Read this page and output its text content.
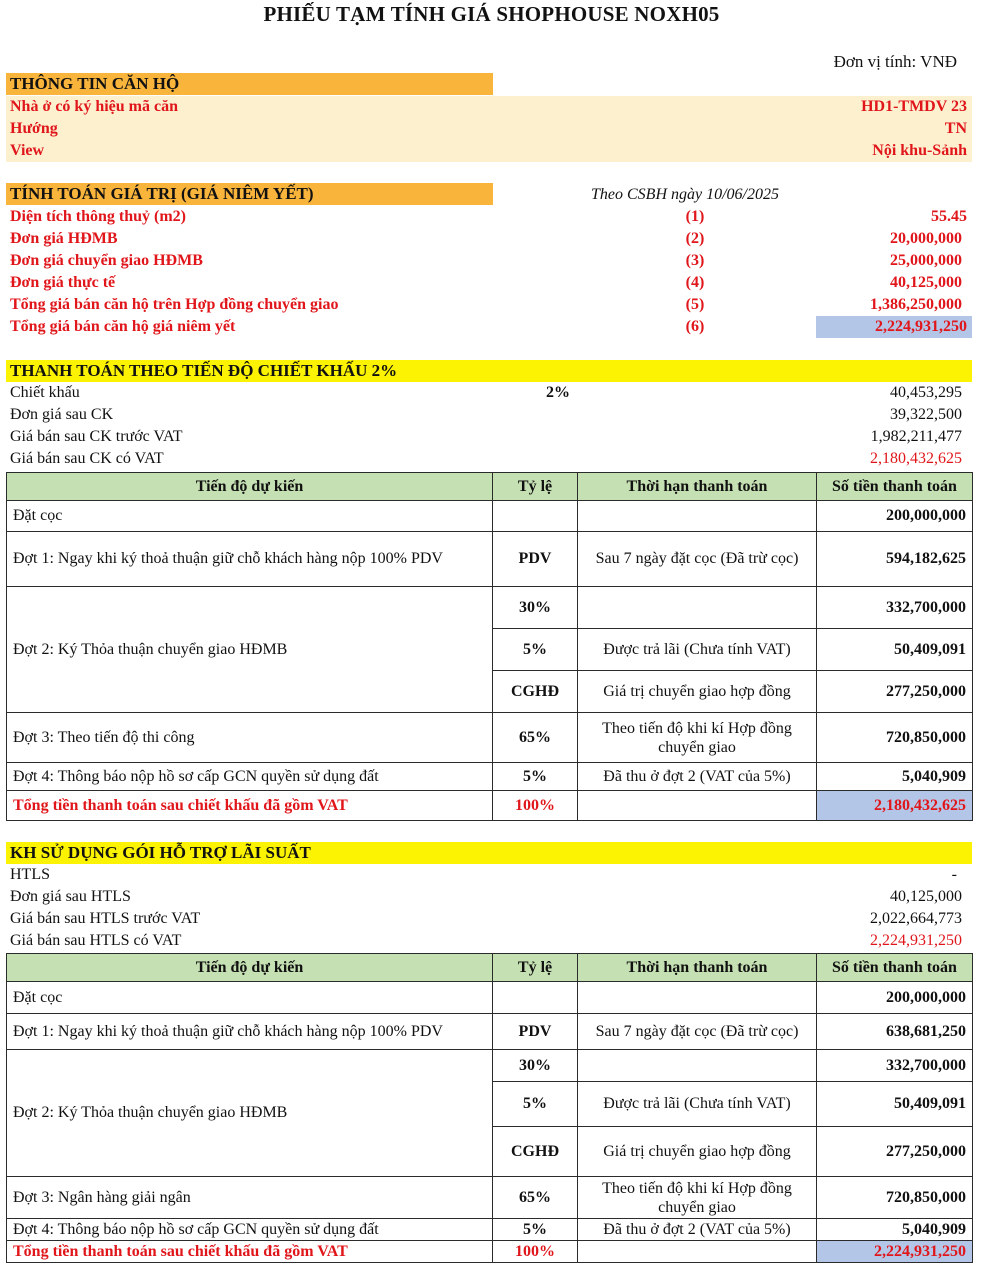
PHIẾU TẠM TÍNH GIÁ SHOPHOUSE NOXH05
Đơn vị tính: VNĐ
THÔNG TIN CĂN HỘ
Nhà ở có ký hiệu mã căn	HD1-TMDV 23
Hướng	TN
View	Nội khu-Sảnh
TÍNH TOÁN GIÁ TRỊ (GIÁ NIÊM YẾT)	Theo CSBH ngày 10/06/2025
Diện tích thông thuỷ (m2)	(1)	55.45
Đơn giá HĐMB	(2)	20,000,000
Đơn giá chuyển giao HĐMB	(3)	25,000,000
Đơn giá thực tế	(4)	40,125,000
Tổng giá bán căn hộ trên Hợp đồng chuyển giao	(5)	1,386,250,000
Tổng giá bán căn hộ giá niêm yết	(6)	2,224,931,250
THANH TOÁN THEO TIẾN ĐỘ CHIẾT KHẤU 2%
Chiết khấu	2%	40,453,295
Đơn giá sau CK	39,322,500
Giá bán sau CK trước VAT	1,982,211,477
Giá bán sau CK có VAT	2,180,432,625
Tiến độ dự kiến	Tỷ lệ	Thời hạn thanh toán	Số tiền thanh toán
Đặt cọc			200,000,000
Đợt 1: Ngay khi ký thoả thuận giữ chỗ khách hàng nộp 100% PDV	PDV	Sau 7 ngày đặt cọc (Đã trừ cọc)	594,182,625
Đợt 2: Ký Thỏa thuận chuyển giao HĐMB	30%		332,700,000
	5%	Được trả lãi (Chưa tính VAT)	50,409,091
	CGHĐ	Giá trị chuyển giao hợp đồng	277,250,000
Đợt 3: Theo tiến độ thi công	65%	Theo tiến độ khi kí Hợp đồng chuyển giao	720,850,000
Đợt 4: Thông báo nộp hồ sơ cấp GCN quyền sử dụng đất	5%	Đã thu ở đợt 2 (VAT của 5%)	5,040,909
Tổng tiền thanh toán sau chiết khấu đã gồm VAT	100%		2,180,432,625
KH SỬ DỤNG GÓI HỖ TRỢ LÃI SUẤT
HTLS	-
Đơn giá sau HTLS	40,125,000
Giá bán sau HTLS trước VAT	2,022,664,773
Giá bán sau HTLS có VAT	2,224,931,250
Tiến độ dự kiến	Tỷ lệ	Thời hạn thanh toán	Số tiền thanh toán
Đặt cọc			200,000,000
Đợt 1: Ngay khi ký thoả thuận giữ chỗ khách hàng nộp 100% PDV	PDV	Sau 7 ngày đặt cọc (Đã trừ cọc)	638,681,250
Đợt 2: Ký Thỏa thuận chuyển giao HĐMB	30%		332,700,000
	5%	Được trả lãi (Chưa tính VAT)	50,409,091
	CGHĐ	Giá trị chuyển giao hợp đồng	277,250,000
Đợt 3: Ngân hàng giải ngân	65%	Theo tiến độ khi kí Hợp đồng chuyển giao	720,850,000
Đợt 4: Thông báo nộp hồ sơ cấp GCN quyền sử dụng đất	5%	Đã thu ở đợt 2 (VAT của 5%)	5,040,909
Tổng tiền thanh toán sau chiết khấu đã gồm VAT	100%		2,224,931,250
